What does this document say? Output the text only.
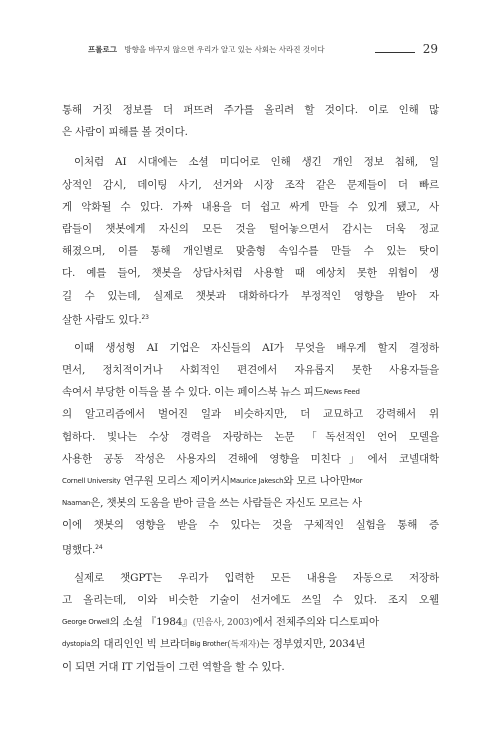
프롤로그 방향을 바꾸지 않으면 우리가 알고 있는 사회는 사라진 것이다	29
통해 거짓 정보를 더 퍼뜨려 주가를 올리려 할 것이다. 이로 인해 많
은 사람이 피해를 볼 것이다.
이처럼 AI 시대에는 소셜 미디어로 인해 생긴 개인 정보 침해, 일
상적인 감시, 데이팅 사기, 선거와 시장 조작 같은 문제들이 더 빠르
게 악화될 수 있다. 가짜 내용을 더 쉽고 싸게 만들 수 있게 됐고, 사
람들이 챗봇에게 자신의 모든 것을 털어놓으면서 감시는 더욱 정교
해졌으며, 이를 통해 개인별로 맞춤형 속임수를 만들 수 있는 탓이
다. 예를 들어, 챗봇을 상담사처럼 사용할 때 예상치 못한 위험이 생
길 수 있는데, 실제로 챗봇과 대화하다가 부정적인 영향을 받아 자
살한 사람도 있다.$^{23}$
이때 생성형 AI 기업은 자신들의 AI가 무엇을 배우게 할지 결정하
면서, 정치적이거나 사회적인 편견에서 자유롭지 못한 사용자들을
속여서 부당한 이득을 볼 수 있다. 이는 페이스북 뉴스 피드News Feed
의 알고리즘에서 벌어진 일과 비슷하지만, 더 교묘하고 강력해서 위
험하다. 빛나는 수상 경력을 자랑하는 논문 「독선적인 언어 모델을
사용한 공동 작성은 사용자의 견해에 영향을 미친다」에서 코넬대학
Cornell University 연구원 모리스 제이커시Maurice Jakesch와 모르 나아만Mor
Naaman은, 챗봇의 도움을 받아 글을 쓰는 사람들은 자신도 모르는 사
이에 챗봇의 영향을 받을 수 있다는 것을 구체적인 실험을 통해 증
명했다.$^{24}$
실제로 챗GPT는 우리가 입력한 모든 내용을 자동으로 저장하
고 올리는데, 이와 비슷한 기술이 선거에도 쓰일 수 있다. 조지 오웰
George Orwell의 소설 『1984』(민음사, 2003)에서 전체주의와 디스토피아
dystopia의 대리인인 빅 브라더Big Brother(독재자)는 정부였지만, 2034년
이 되면 거대 IT 기업들이 그런 역할을 할 수 있다.
